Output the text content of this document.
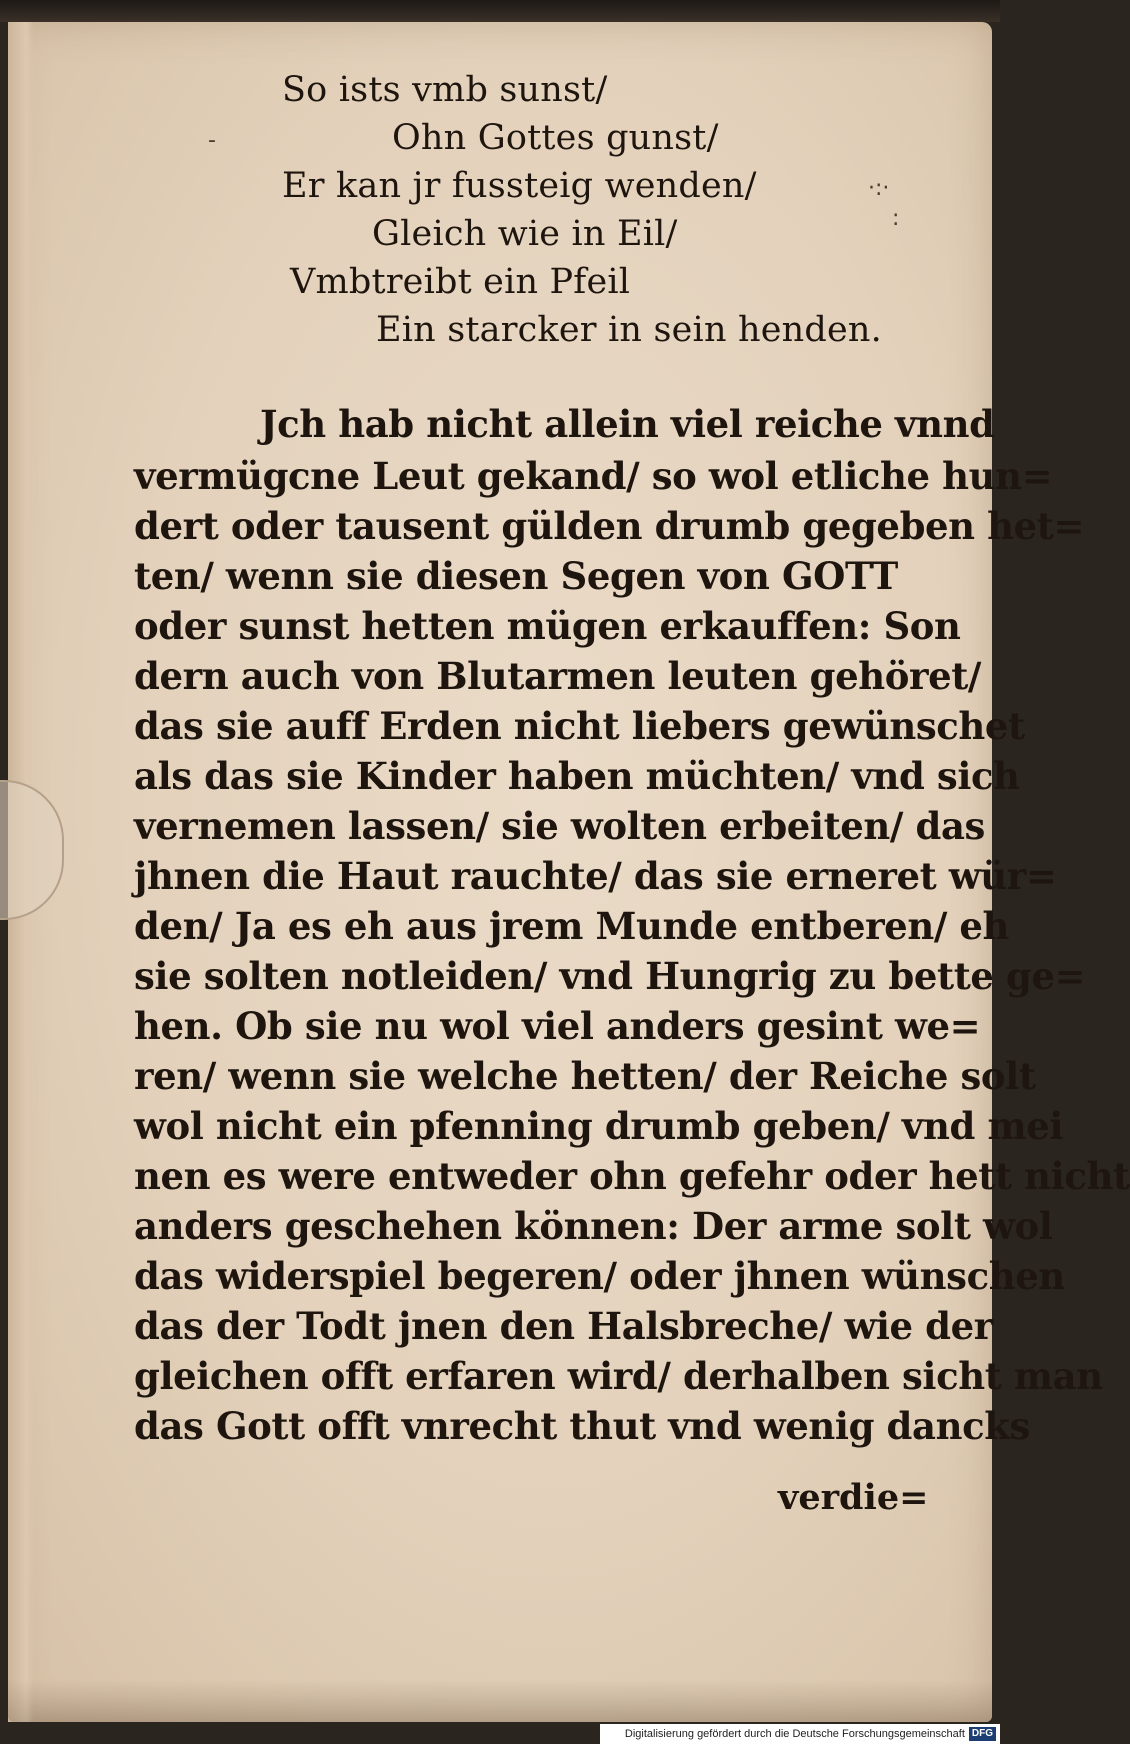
So ists vmb sunst/
Ohn Gottes gunst/
Er kan jr fussteig wenden/
Gleich wie in Eil/
Vmbtreibt ein Pfeil
Ein starcker in sein henden.
Jch hab nicht allein viel reiche vnnd
vermügcne Leut gekand/ so wol etliche hun=
dert oder tausent gülden drumb gegeben het=
ten/ wenn sie diesen Segen von GOTT
oder sunst hetten mügen erkauffen: Son
dern auch von Blutarmen leuten gehöret/
das sie auff Erden nicht liebers gewünschet
als das sie Kinder haben müchten/ vnd sich
vernemen lassen/ sie wolten erbeiten/ das
jhnen die Haut rauchte/ das sie erneret wür=
den/ Ja es eh aus jrem Munde entberen/ eh
sie solten notleiden/ vnd Hungrig zu bette ge=
hen. Ob sie nu wol viel anders gesint we=
ren/ wenn sie welche hetten/ der Reiche solt
wol nicht ein pfenning drumb geben/ vnd mei
nen es were entweder ohn gefehr oder hett nicht
anders geschehen können: Der arme solt wol
das widerspiel begeren/ oder jhnen wünschen
das der Todt jnen den Halsbreche/ wie der
gleichen offt erfaren wird/ derhalben sicht man
das Gott offt vnrecht thut vnd wenig dancks
verdie=
-
·:·
:
Digitalisierung gefördert durch die Deutsche Forschungsgemeinschaft DFG
